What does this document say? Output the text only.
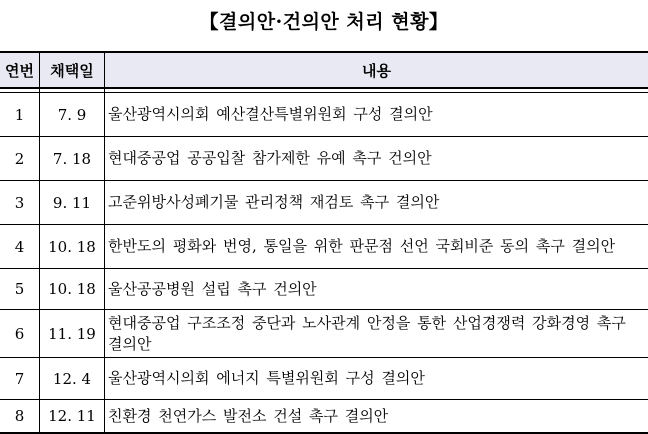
【결의안·건의안 처리 현황】
연번	채택일	내용

1	7. 9	울산광역시의회 예산결산특별위원회 구성 결의안
2	7. 18	현대중공업 공공입찰 참가제한 유예 촉구 건의안
3	9. 11	고준위방사성폐기물 관리정책 재검토 촉구 결의안
4	10. 18	한반도의 평화와 번영, 통일을 위한 판문점 선언 국회비준 동의 촉구 결의안
5	10. 18	울산공공병원 설립 촉구 건의안
6	11. 19	현대중공업 구조조정 중단과 노사관계 안정을 통한 산업경쟁력 강화경영 촉구 결의안
7	12. 4	울산광역시의회 에너지 특별위원회 구성 결의안
8	12. 11	친환경 천연가스 발전소 건설 촉구 결의안
